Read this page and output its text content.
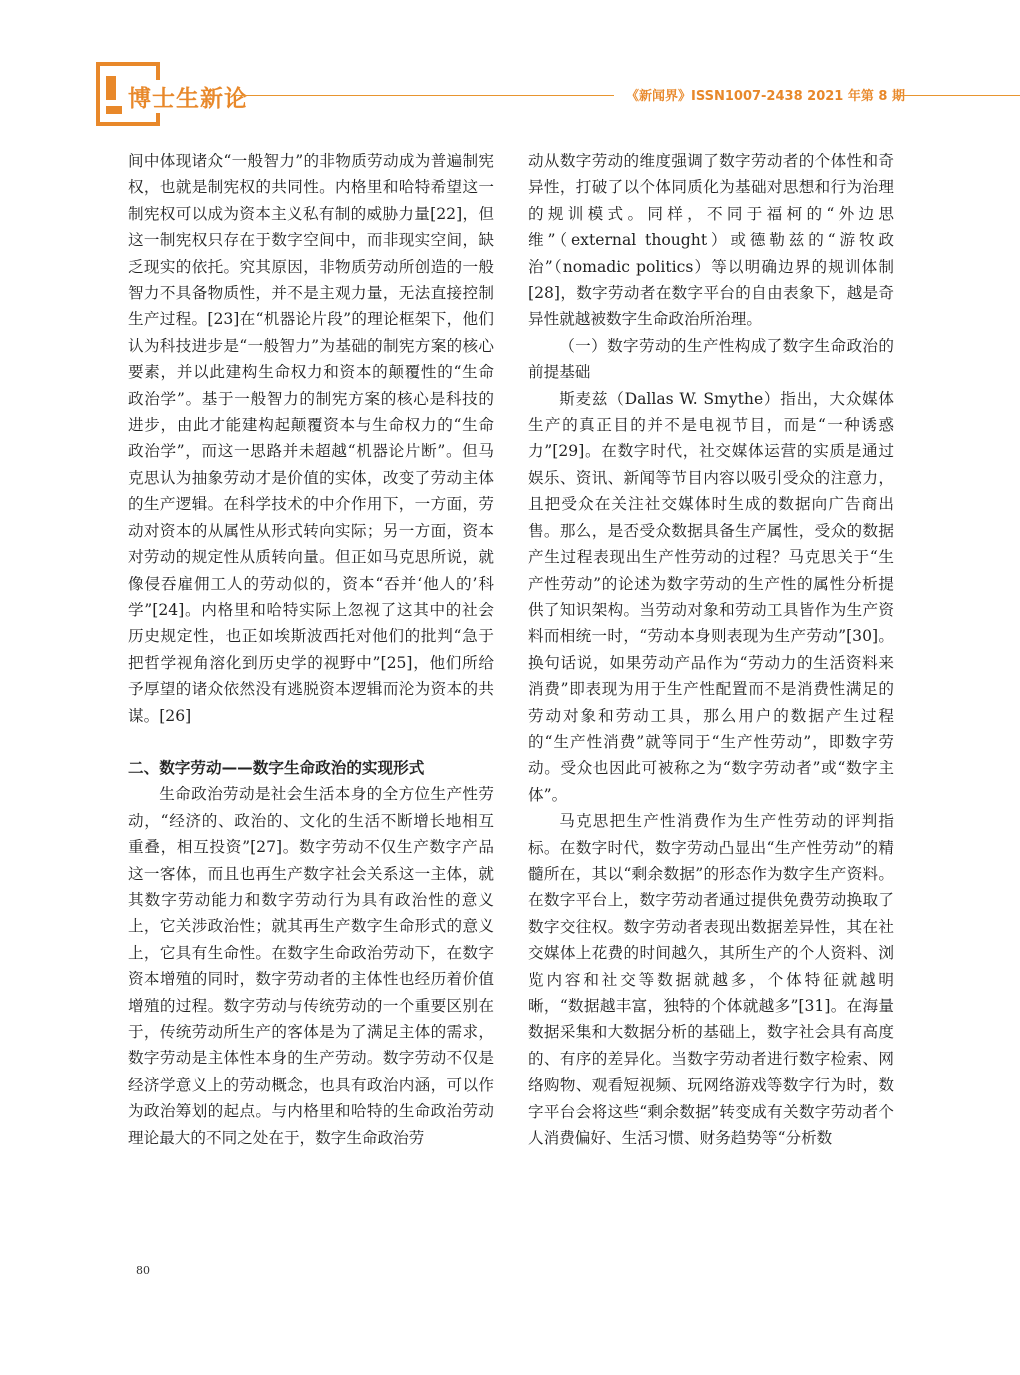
博士生新论	《新闻界》ISSN1007-2438 2021 年第 8 期

间中体现诸众“一般智力”的非物质劳动成为普遍制宪权，也就是制宪权的共同性。内格里和哈特希望这一制宪权可以成为资本主义私有制的威胁力量[22]，但这一制宪权只存在于数字空间中，而非现实空间，缺乏现实的依托。究其原因，非物质劳动所创造的一般智力不具备物质性，并不是主观力量，无法直接控制生产过程。[23]在“机器论片段”的理论框架下，他们认为科技进步是“一般智力”为基础的制宪方案的核心要素，并以此建构生命权力和资本的颠覆性的“生命政治学”。基于一般智力的制宪方案的核心是科技的进步，由此才能建构起颠覆资本与生命权力的“生命政治学”，而这一思路并未超越“机器论片断”。但马克思认为抽象劳动才是价值的实体，改变了劳动主体的生产逻辑。在科学技术的中介作用下，一方面，劳动对资本的从属性从形式转向实际；另一方面，资本对劳动的规定性从质转向量。但正如马克思所说，就像侵吞雇佣工人的劳动似的，资本“吞并‘他人的’科学”[24]。内格里和哈特实际上忽视了这其中的社会历史规定性，也正如埃斯波西托对他们的批判“急于把哲学视角溶化到历史学的视野中”[25]，他们所给予厚望的诸众依然没有逃脱资本逻辑而沦为资本的共谋。[26]

二、数字劳动——数字生命政治的实现形式

生命政治劳动是社会生活本身的全方位生产性劳动，“经济的、政治的、文化的生活不断增长地相互重叠，相互投资”[27]。数字劳动不仅生产数字产品这一客体，而且也再生产数字社会关系这一主体，就其数字劳动能力和数字劳动行为具有政治性的意义上，它关涉政治性；就其再生产数字生命形式的意义上，它具有生命性。在数字生命政治劳动下，在数字资本增殖的同时，数字劳动者的主体性也经历着价值增殖的过程。数字劳动与传统劳动的一个重要区别在于，传统劳动所生产的客体是为了满足主体的需求，数字劳动是主体性本身的生产劳动。数字劳动不仅是经济学意义上的劳动概念，也具有政治内涵，可以作为政治筹划的起点。与内格里和哈特的生命政治劳动理论最大的不同之处在于，数字生命政治劳

动从数字劳动的维度强调了数字劳动者的个体性和奇异性，打破了以个体同质化为基础对思想和行为治理的规训模式。同样，不同于福柯的“外边思维”（external thought）或德勒兹的“游牧政治”（nomadic politics）等以明确边界的规训体制[28]，数字劳动者在数字平台的自由表象下，越是奇异性就越被数字生命政治所治理。

（一）数字劳动的生产性构成了数字生命政治的前提基础

斯麦兹（Dallas W. Smythe）指出，大众媒体生产的真正目的并不是电视节目，而是“一种诱惑力”[29]。在数字时代，社交媒体运营的实质是通过娱乐、资讯、新闻等节目内容以吸引受众的注意力，且把受众在关注社交媒体时生成的数据向广告商出售。那么，是否受众数据具备生产属性，受众的数据产生过程表现出生产性劳动的过程？马克思关于“生产性劳动”的论述为数字劳动的生产性的属性分析提供了知识架构。当劳动对象和劳动工具皆作为生产资料而相统一时，“劳动本身则表现为生产劳动”[30]。换句话说，如果劳动产品作为“劳动力的生活资料来消费”即表现为用于生产性配置而不是消费性满足的劳动对象和劳动工具，那么用户的数据产生过程的“生产性消费”就等同于“生产性劳动”，即数字劳动。受众也因此可被称之为“数字劳动者”或“数字主体”。

马克思把生产性消费作为生产性劳动的评判指标。在数字时代，数字劳动凸显出“生产性劳动”的精髓所在，其以“剩余数据”的形态作为数字生产资料。在数字平台上，数字劳动者通过提供免费劳动换取了数字交往权。数字劳动者表现出数据差异性，其在社交媒体上花费的时间越久，其所生产的个人资料、浏览内容和社交等数据就越多，个体特征就越明晰，“数据越丰富，独特的个体就越多”[31]。在海量数据采集和大数据分析的基础上，数字社会具有高度的、有序的差异化。当数字劳动者进行数字检索、网络购物、观看短视频、玩网络游戏等数字行为时，数字平台会将这些“剩余数据”转变成有关数字劳动者个人消费偏好、生活习惯、财务趋势等“分析数

80
